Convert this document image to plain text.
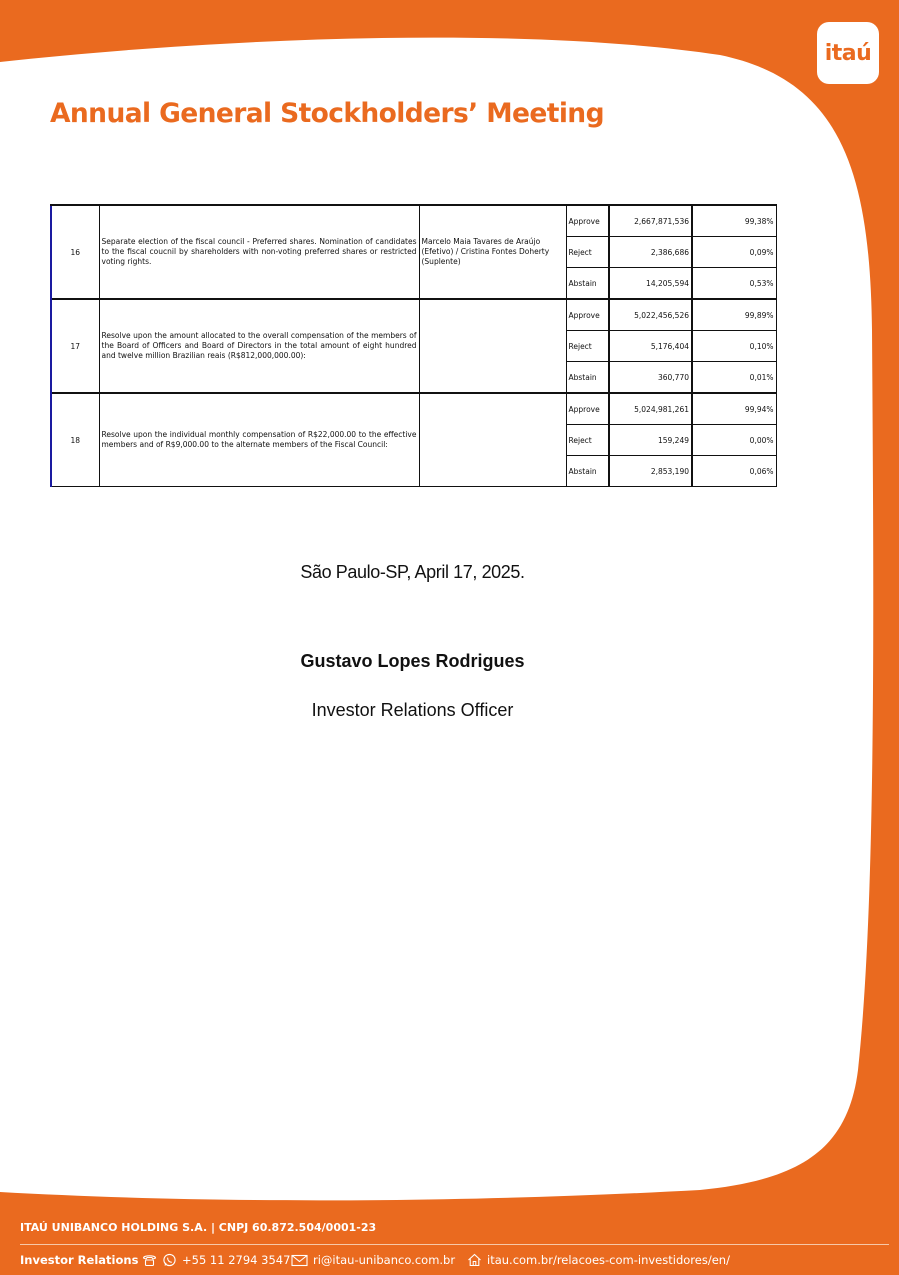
itaú
Annual General Stockholders’ Meeting
16	Separate election of the fiscal council - Preferred shares. Nomination of candidates to the fiscal coucnil by shareholders with non-voting preferred shares or restricted voting rights.	Marcelo Maia Tavares de Araújo (Efetivo) / Cristina Fontes Doherty (Suplente)	Approve	2,667,871,536	99,38%
			Reject	2,386,686	0,09%
			Abstain	14,205,594	0,53%
17	Resolve upon the amount allocated to the overall compensation of the members of the Board of Officers and Board of Directors in the total amount of eight hundred and twelve million Brazilian reais (R$812,000,000.00):		Approve	5,022,456,526	99,89%
			Reject	5,176,404	0,10%
			Abstain	360,770	0,01%
18	Resolve upon the individual monthly compensation of R$22,000.00 to the effective members and of R$9,000.00 to the alternate members of the Fiscal Council:		Approve	5,024,981,261	99,94%
			Reject	159,249	0,00%
			Abstain	2,853,190	0,06%
São Paulo-SP, April 17, 2025.
Gustavo Lopes Rodrigues
Investor Relations Officer
ITAÚ UNIBANCO HOLDING S.A. | CNPJ 60.872.504/0001-23
Investor Relations	+55 11 2794 3547 ri@itau-unibanco.com.br	itau.com.br/relacoes-com-investidores/en/
